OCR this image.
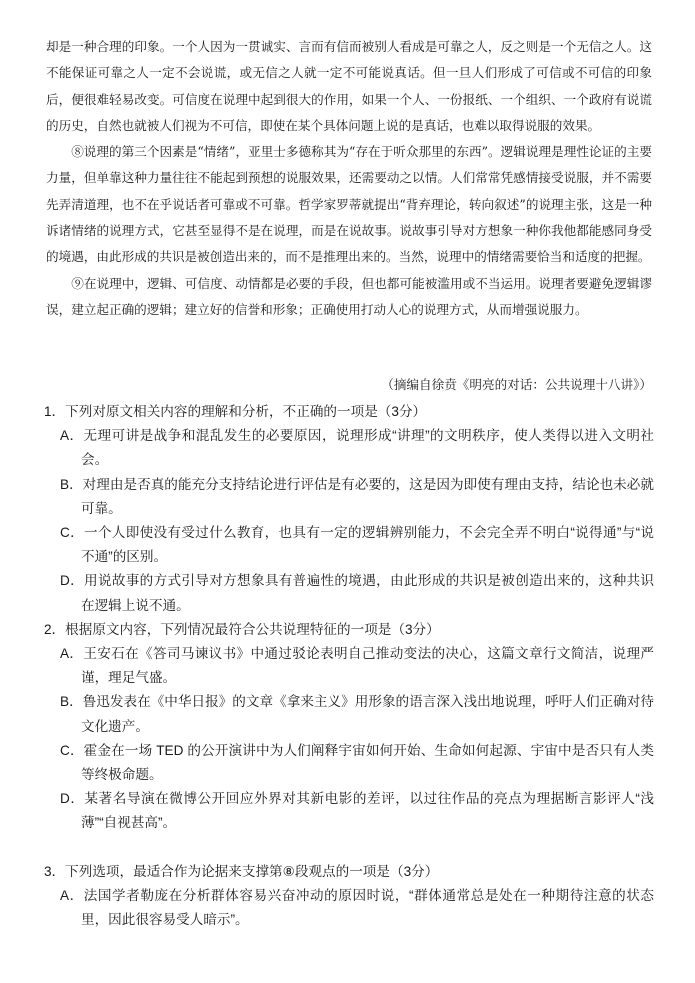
却是一种合理的印象。一个人因为一贯诚实、言而有信而被别人看成是可靠之人，反之则是一个无信之人。这不能保证可靠之人一定不会说谎，或无信之人就一定不可能说真话。但一旦人们形成了可信或不可信的印象后，便很难轻易改变。可信度在说理中起到很大的作用，如果一个人、一份报纸、一个组织、一个政府有说谎的历史，自然也就被人们视为不可信，即使在某个具体问题上说的是真话，也难以取得说服的效果。

⑧说理的第三个因素是“情绪”，亚里士多德称其为“存在于听众那里的东西”。逻辑说理是理性论证的主要力量，但单靠这种力量往往不能起到预想的说服效果，还需要动之以情。人们常常凭感情接受说服，并不需要先弄清道理，也不在乎说话者可靠或不可靠。哲学家罗蒂就提出“背弃理论，转向叙述”的说理主张，这是一种诉诸情绪的说理方式，它甚至显得不是在说理，而是在说故事。说故事引导对方想象一种你我他都能感同身受的境遇，由此形成的共识是被创造出来的，而不是推理出来的。当然，说理中的情绪需要恰当和适度的把握。

⑨在说理中，逻辑、可信度、动情都是必要的手段，但也都可能被滥用或不当运用。说理者要避免逻辑谬误，建立起正确的逻辑；建立好的信誉和形象；正确使用打动人心的说理方式，从而增强说服力。

（摘编自徐贲《明亮的对话：公共说理十八讲》）

1．下列对原文相关内容的理解和分析，不正确的一项是（3分）

A．无理可讲是战争和混乱发生的必要原因，说理形成“讲理”的文明秩序，使人类得以进入文明社会。

B．对理由是否真的能充分支持结论进行评估是有必要的，这是因为即使有理由支持，结论也未必就可靠。

C．一个人即使没有受过什么教育，也具有一定的逻辑辨别能力，不会完全弄不明白“说得通”与“说不通”的区别。

D．用说故事的方式引导对方想象具有普遍性的境遇，由此形成的共识是被创造出来的，这种共识在逻辑上说不通。

2．根据原文内容，下列情况最符合公共说理特征的一项是（3分）

A．王安石在《答司马谏议书》中通过驳论表明自己推动变法的决心，这篇文章行文简洁，说理严谨，理足气盛。

B．鲁迅发表在《中华日报》的文章《拿来主义》用形象的语言深入浅出地说理，呼吁人们正确对待文化遗产。

C．霍金在一场 TED 的公开演讲中为人们阐释宇宙如何开始、生命如何起源、宇宙中是否只有人类等终极命题。

D．某著名导演在微博公开回应外界对其新电影的差评，以过往作品的亮点为理据断言影评人“浅薄”“自视甚高”。

3．下列选项，最适合作为论据来支撑第⑧段观点的一项是（3分）

A．法国学者勒庞在分析群体容易兴奋冲动的原因时说，“群体通常总是处在一种期待注意的状态里，因此很容易受人暗示”。
